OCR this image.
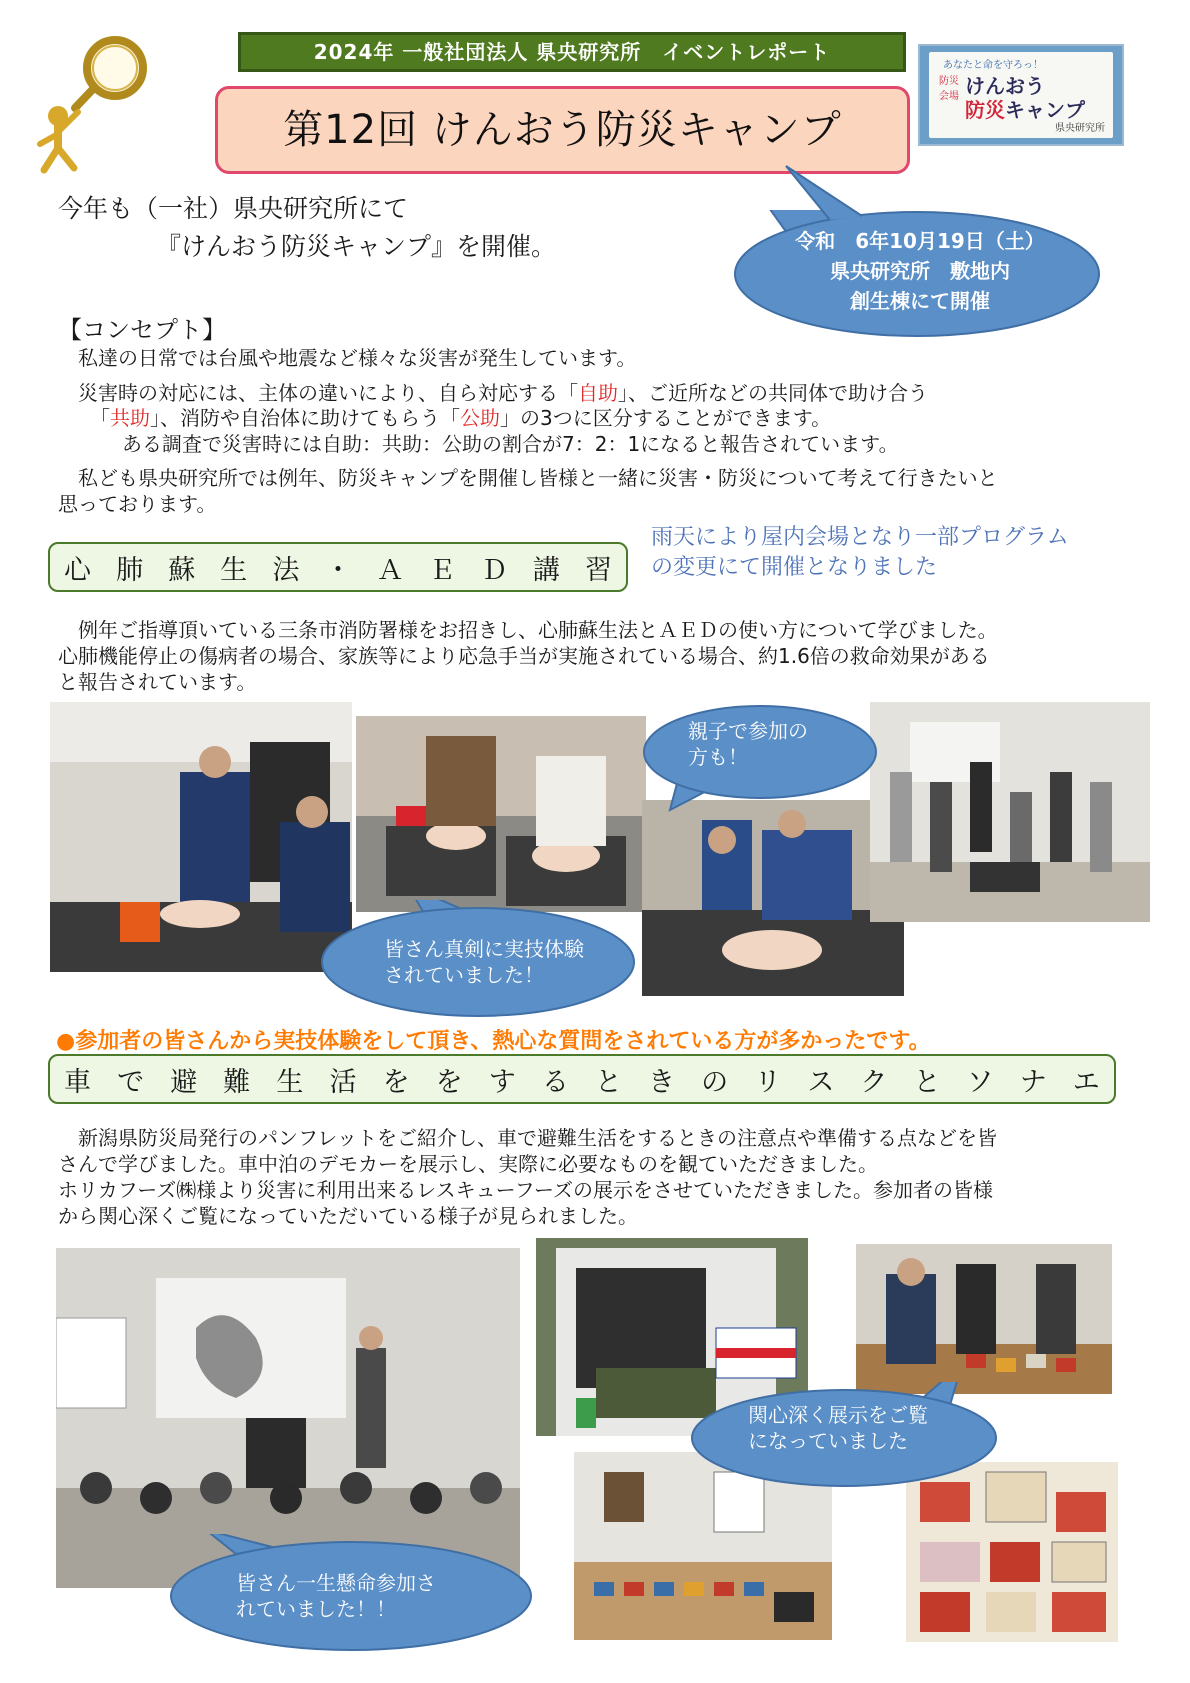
2024年 一般社団法人 県央研究所　イベントレポート
第12回 けんおう防災キャンプ
あなたと命を守ろっ！
防災会場 けんおう
防災キャンプ
県央研究所
今年も（一社）県央研究所にて
『けんおう防災キャンプ』を開催。	令和　6年10月19日（土）
県央研究所　敷地内
創生棟にて開催
【コンセプト】
私達の日常では台風や地震など様々な災害が発生しています。
災害時の対応には、主体の違いにより、自ら対応する「自助」、ご近所などの共同体で助け合う
「共助」、消防や自治体に助けてもらう「公助」の3つに区分することができます。
ある調査で災害時には自助：共助：公助の割合が7：2：1になると報告されています。
私ども県央研究所では例年、防災キャンプを開催し皆様と一緒に災害・防災について考えて行きたいと
思っております。
心 肺 蘇 生 法 ・ Ａ Ｅ Ｄ 講 習
雨天により屋内会場となり一部プログラム
の変更にて開催となりました
例年ご指導頂いている三条市消防署様をお招きし、心肺蘇生法とＡＥＤの使い方について学びました。
心肺機能停止の傷病者の場合、家族等により応急手当が実施されている場合、約1.6倍の救命効果がある
と報告されています。
親子で参加の
方も！
皆さん真剣に実技体験
されていました！
●参加者の皆さんから実技体験をして頂き、熱心な質問をされている方が多かったです。
車 で 避 難 生 活 を を す る と き の リ ス ク と ソ ナ エ
新潟県防災局発行のパンフレットをご紹介し、車で避難生活をするときの注意点や準備する点などを皆
さんで学びました。車中泊のデモカーを展示し、実際に必要なものを観ていただきました。
ホリカフーズ㈱様より災害に利用出来るレスキューフーズの展示をさせていただきました。参加者の皆様
から関心深くご覧になっていただいている様子が見られました。
皆さん一生懸命参加さ
れていました！！
関心深く展示をご覧
になっていました
